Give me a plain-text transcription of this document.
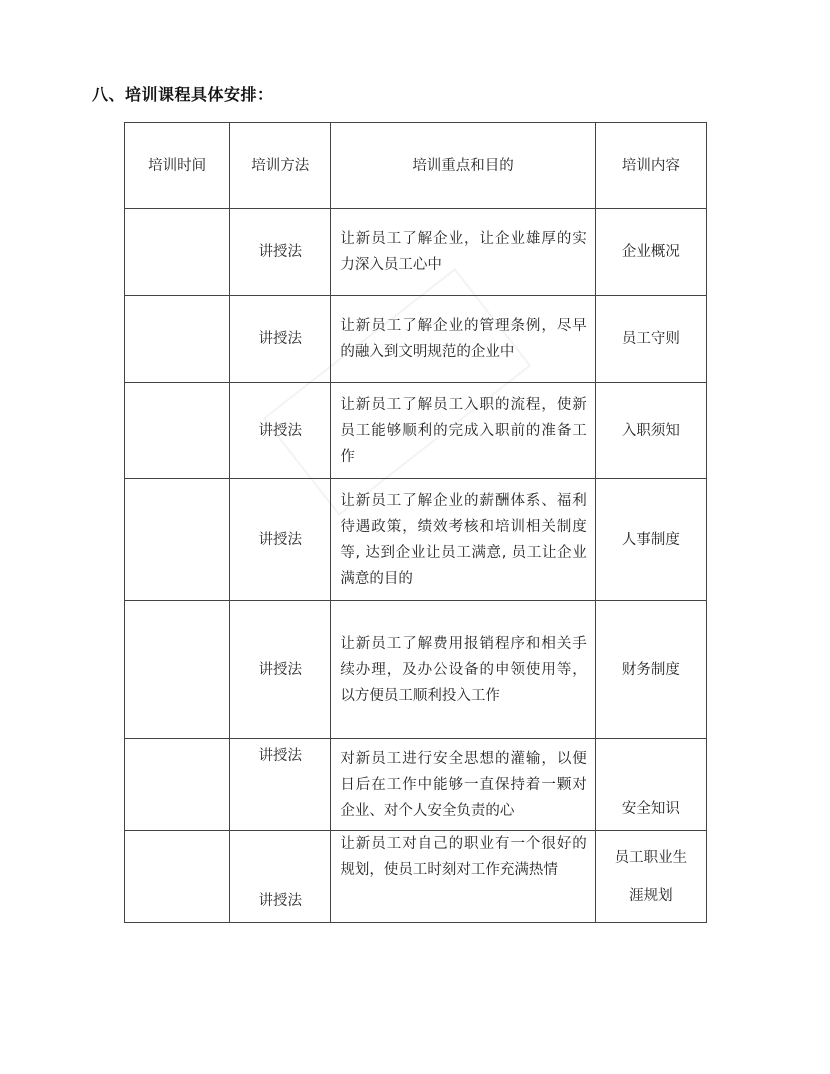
八、培训课程具体安排：
培训时间	培训方法	培训重点和目的	培训内容
	讲授法	让新员工了解企业，让企业雄厚的实力深入员工心中	企业概况
	讲授法	让新员工了解企业的管理条例，尽早的融入到文明规范的企业中	员工守则
	讲授法	让新员工了解员工入职的流程，使新员工能够顺利的完成入职前的准备工作	入职须知
	讲授法	让新员工了解企业的薪酬体系、福利待遇政策，绩效考核和培训相关制度等, 达到企业让员工满意, 员工让企业满意的目的	人事制度
	讲授法	让新员工了解费用报销程序和相关手续办理，及办公设备的申领使用等，以方便员工顺利投入工作	财务制度
	讲授法	对新员工进行安全思想的灌输，以便日后在工作中能够一直保持着一颗对企业、对个人安全负责的心	安全知识
	讲授法	让新员工对自己的职业有一个很好的规划，使员工时刻对工作充满热情	员工职业生涯规划
